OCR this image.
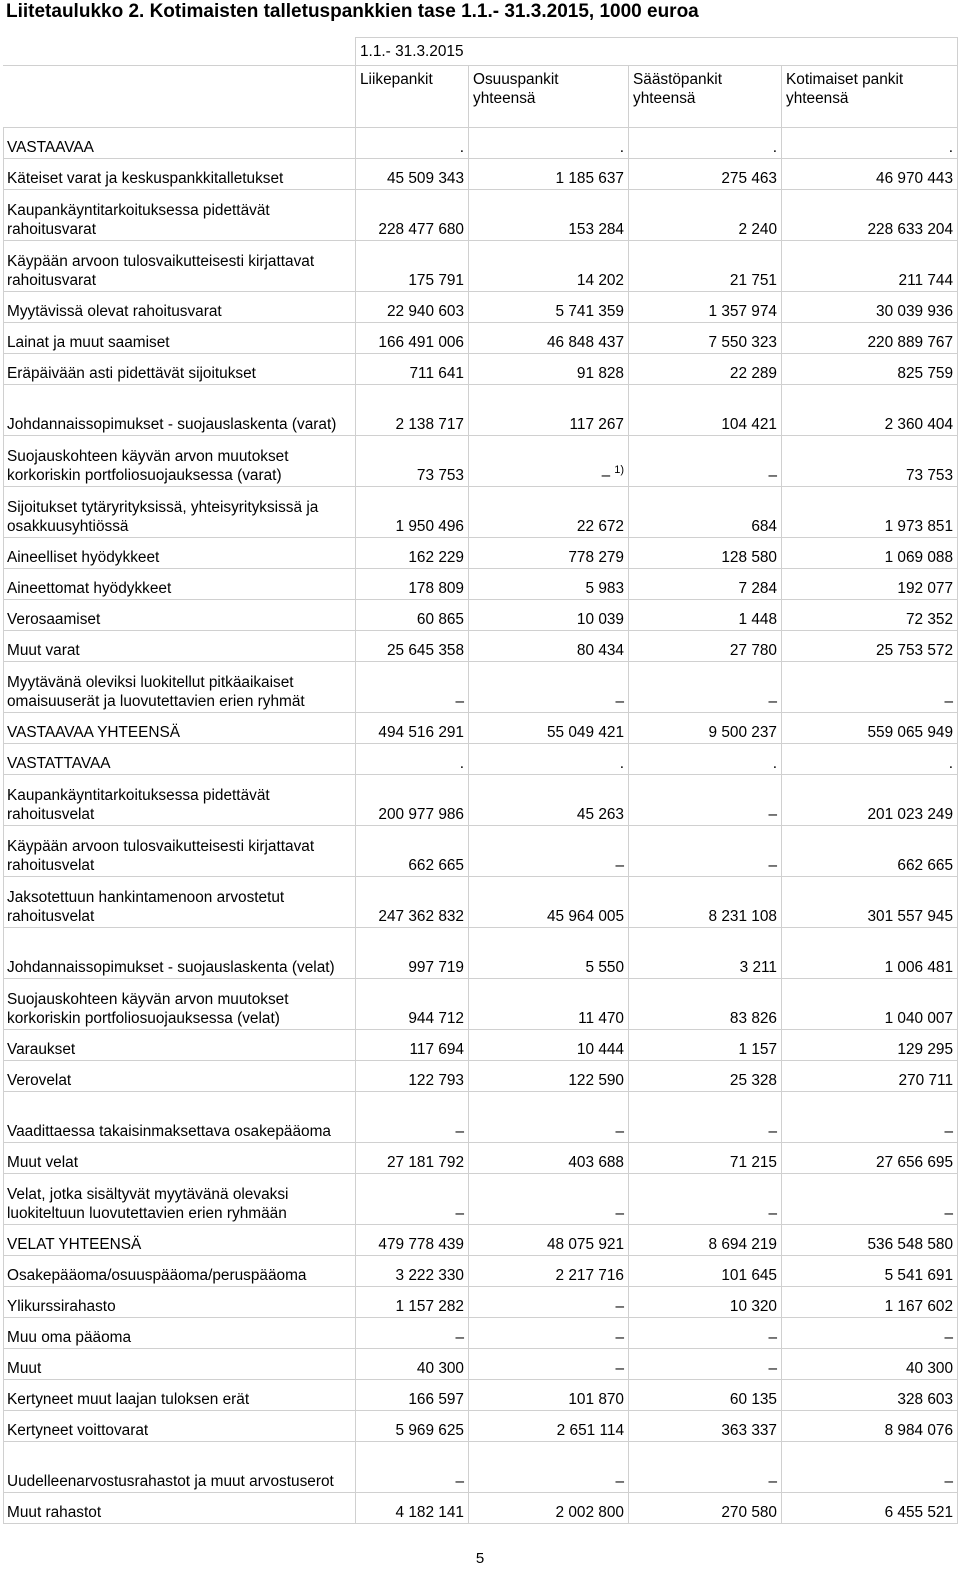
Liitetaulukko 2. Kotimaisten talletuspankkien tase 1.1.- 31.3.2015, 1000 euroa
	1.1.- 31.3.2015			
	Liikepankit	Osuuspankit yhteensä	Säästöpankit yhteensä	Kotimaiset pankit yhteensä
VASTAAVAA	.	.	.	.
Käteiset varat ja keskuspankkitalletukset	45 509 343	1 185 637	275 463	46 970 443
Kaupankäyntitarkoituksessa pidettävät rahoitusvarat	228 477 680	153 284	2 240	228 633 204
Käypään arvoon tulosvaikutteisesti kirjattavat rahoitusvarat	175 791	14 202	21 751	211 744
Myytävissä olevat rahoitusvarat	22 940 603	5 741 359	1 357 974	30 039 936
Lainat ja muut saamiset	166 491 006	46 848 437	7 550 323	220 889 767
Eräpäivään asti pidettävät sijoitukset	711 641	91 828	22 289	825 759
Johdannaissopimukset - suojauslaskenta (varat)	2 138 717	117 267	104 421	2 360 404
Suojauskohteen käyvän arvon muutokset korkoriskin portfoliosuojauksessa (varat)	73 753	– $^{1)}$	–	73 753
Sijoitukset tytäryrityksissä, yhteisyrityksissä ja osakkuusyhtiössä	1 950 496	22 672	684	1 973 851
Aineelliset hyödykkeet	162 229	778 279	128 580	1 069 088
Aineettomat hyödykkeet	178 809	5 983	7 284	192 077
Verosaamiset	60 865	10 039	1 448	72 352
Muut varat	25 645 358	80 434	27 780	25 753 572
Myytävänä oleviksi luokitellut pitkäaikaiset omaisuuserät ja luovutettavien erien ryhmät	–	–	–	–
VASTAAVAA YHTEENSÄ	494 516 291	55 049 421	9 500 237	559 065 949
VASTATTAVAA	.	.	.	.
Kaupankäyntitarkoituksessa pidettävät rahoitusvelat	200 977 986	45 263	–	201 023 249
Käypään arvoon tulosvaikutteisesti kirjattavat rahoitusvelat	662 665	–	–	662 665
Jaksotettuun hankintamenoon arvostetut rahoitusvelat	247 362 832	45 964 005	8 231 108	301 557 945
Johdannaissopimukset - suojauslaskenta (velat)	997 719	5 550	3 211	1 006 481
Suojauskohteen käyvän arvon muutokset korkoriskin portfoliosuojauksessa (velat)	944 712	11 470	83 826	1 040 007
Varaukset	117 694	10 444	1 157	129 295
Verovelat	122 793	122 590	25 328	270 711
Vaadittaessa takaisinmaksettava osakepääoma	–	–	–	–
Muut velat	27 181 792	403 688	71 215	27 656 695
Velat, jotka sisältyvät myytävänä olevaksi luokiteltuun luovutettavien erien ryhmään	–	–	–	–
VELAT YHTEENSÄ	479 778 439	48 075 921	8 694 219	536 548 580
Osakepääoma/osuuspääoma/peruspääoma	3 222 330	2 217 716	101 645	5 541 691
Ylikurssirahasto	1 157 282	–	10 320	1 167 602
Muu oma pääoma	–	–	–	–
Muut	40 300	–	–	40 300
Kertyneet muut laajan tuloksen erät	166 597	101 870	60 135	328 603
Kertyneet voittovarat	5 969 625	2 651 114	363 337	8 984 076
Uudelleenarvostusrahastot ja muut arvostuserot	–	–	–	–
Muut rahastot	4 182 141	2 002 800	270 580	6 455 521
5
